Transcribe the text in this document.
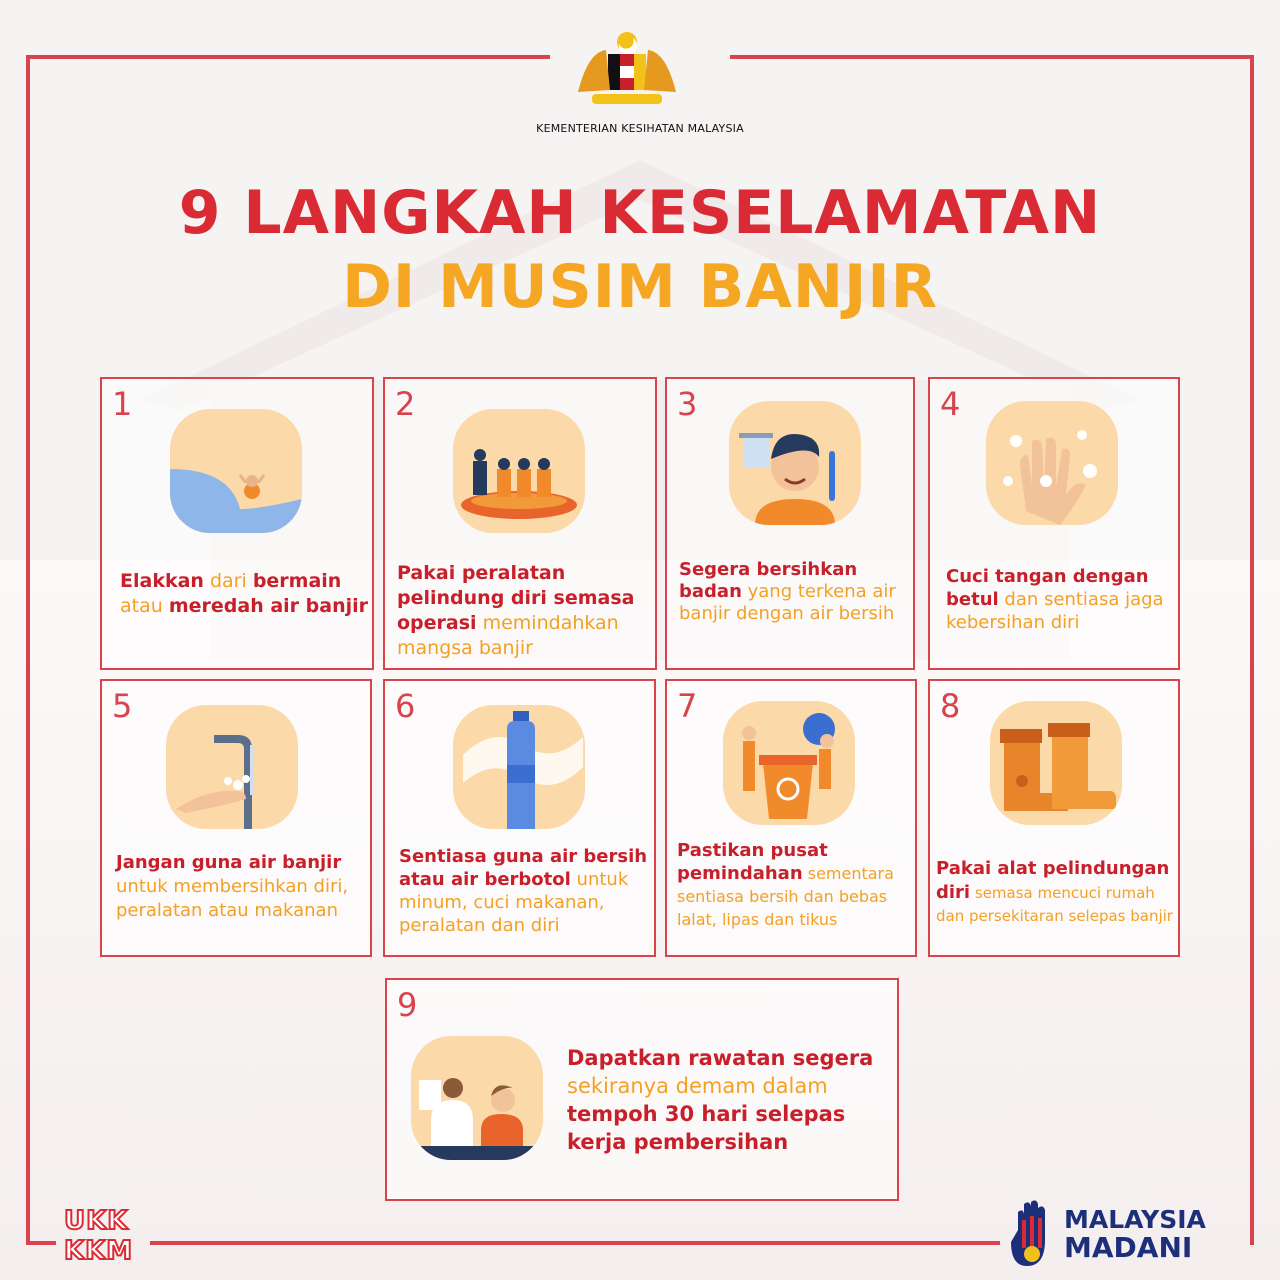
KEMENTERIAN KESIHATAN MALAYSIA
9 LANGKAH KESELAMATAN
DI MUSIM BANJIR
1
Elakkan dari bermain atau meredah air banjir
2
Pakai peralatan pelindung diri semasa operasi memindahkan mangsa banjir
3
Segera bersihkan badan yang terkena air banjir dengan air bersih
4
Cuci tangan dengan betul dan sentiasa jaga kebersihan diri
5
Jangan guna air banjir untuk membersihkan diri, peralatan atau makanan
6
Sentiasa guna air bersih atau air berbotol untuk minum, cuci makanan, peralatan dan diri
7
Pastikan pusat pemindahan sementara sentiasa bersih dan bebas lalat, lipas dan tikus
8
Pakai alat pelindungan diri semasa mencuci rumah dan persekitaran selepas banjir
9
Dapatkan rawatan segera sekiranya demam dalam tempoh 30 hari selepas kerja pembersihan
UKK
KKM
MALAYSIA
MADANI
